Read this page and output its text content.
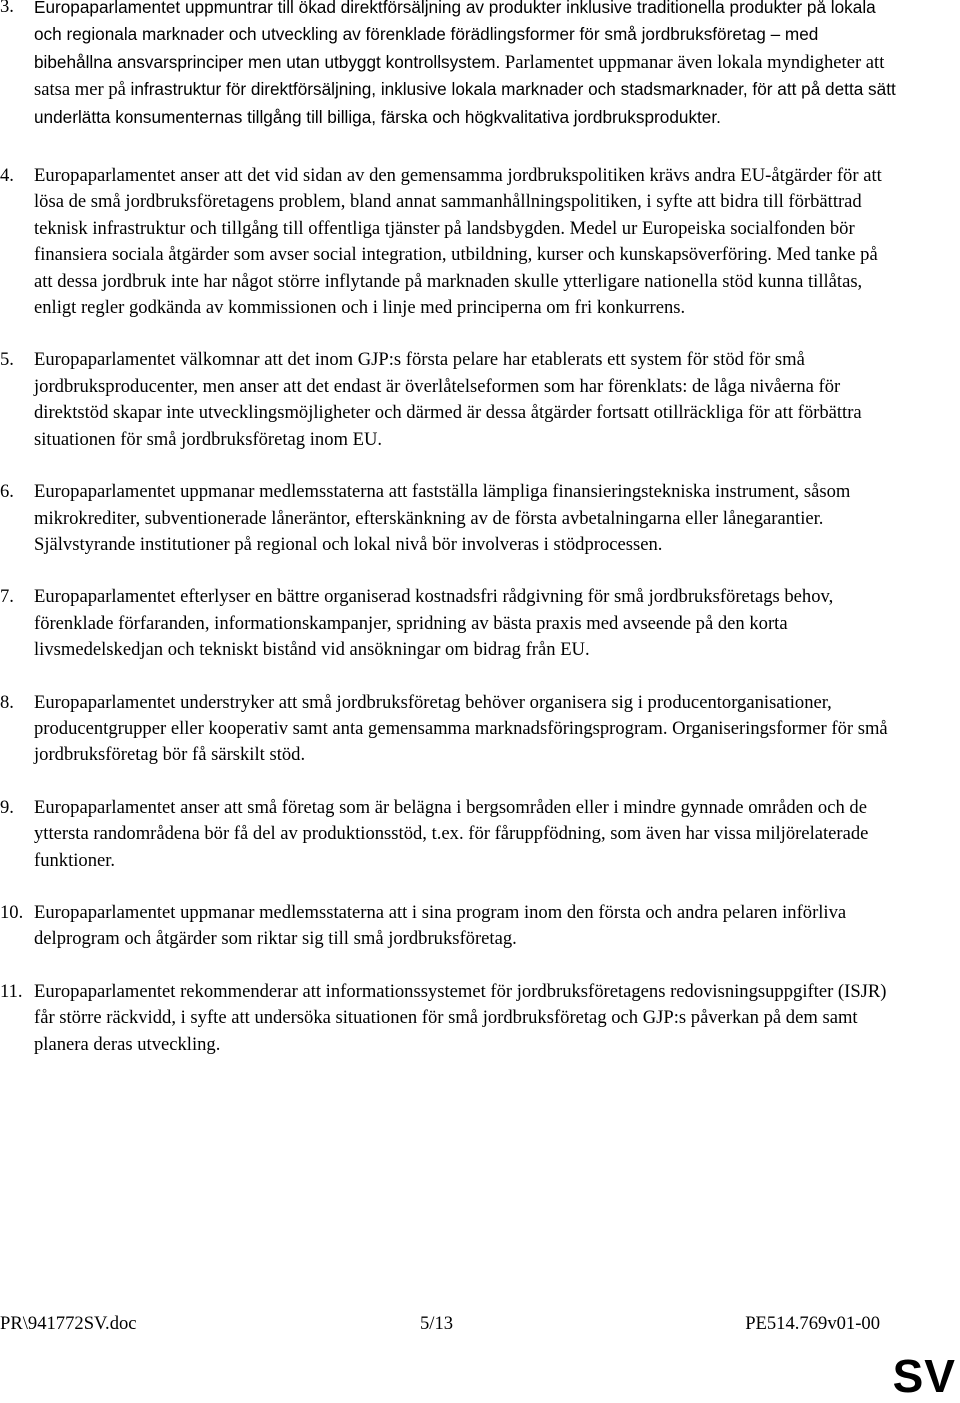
3. Europaparlamentet uppmuntrar till ökad direktförsäljning av produkter inklusive traditionella produkter på lokala och regionala marknader och utveckling av förenklade förädlingsformer för små jordbruksföretag – med bibehållna ansvarsprinciper men utan utbyggt kontrollsystem. Parlamentet uppmanar även lokala myndigheter att satsa mer på infrastruktur för direktförsäljning, inklusive lokala marknader och stadsmarknader, för att på detta sätt underlätta konsumenternas tillgång till billiga, färska och högkvalitativa jordbruksprodukter.
4. Europaparlamentet anser att det vid sidan av den gemensamma jordbrukspolitiken krävs andra EU-åtgärder för att lösa de små jordbruksföretagens problem, bland annat sammanhållningspolitiken, i syfte att bidra till förbättrad teknisk infrastruktur och tillgång till offentliga tjänster på landsbygden. Medel ur Europeiska socialfonden bör finansiera sociala åtgärder som avser social integration, utbildning, kurser och kunskapsöverföring. Med tanke på att dessa jordbruk inte har något större inflytande på marknaden skulle ytterligare nationella stöd kunna tillåtas, enligt regler godkända av kommissionen och i linje med principerna om fri konkurrens.
5. Europaparlamentet välkomnar att det inom GJP:s första pelare har etablerats ett system för stöd för små jordbruksproducenter, men anser att det endast är överlåtelseformen som har förenklats: de låga nivåerna för direktstöd skapar inte utvecklingsmöjligheter och därmed är dessa åtgärder fortsatt otillräckliga för att förbättra situationen för små jordbruksföretag inom EU.
6. Europaparlamentet uppmanar medlemsstaterna att fastställa lämpliga finansieringstekniska instrument, såsom mikrokrediter, subventionerade låneräntor, efterskänkning av de första avbetalningarna eller lånegarantier. Självstyrande institutioner på regional och lokal nivå bör involveras i stödprocessen.
7. Europaparlamentet efterlyser en bättre organiserad kostnadsfri rådgivning för små jordbruksföretags behov, förenklade förfaranden, informationskampanjer, spridning av bästa praxis med avseende på den korta livsmedelskedjan och tekniskt bistånd vid ansökningar om bidrag från EU.
8. Europaparlamentet understryker att små jordbruksföretag behöver organisera sig i producentorganisationer, producentgrupper eller kooperativ samt anta gemensamma marknadsföringsprogram. Organiseringsformer för små jordbruksföretag bör få särskilt stöd.
9. Europaparlamentet anser att små företag som är belägna i bergsområden eller i mindre gynnade områden och de yttersta randområdena bör få del av produktionsstöd, t.ex. för fåruppfödning, som även har vissa miljörelaterade funktioner.
10. Europaparlamentet uppmanar medlemsstaterna att i sina program inom den första och andra pelaren införliva delprogram och åtgärder som riktar sig till små jordbruksföretag.
11. Europaparlamentet rekommenderar att informationssystemet för jordbruksföretagens redovisningsuppgifter (ISJR) får större räckvidd, i syfte att undersöka situationen för små jordbruksföretag och GJP:s påverkan på dem samt planera deras utveckling.
PR\941772SV.doc	5/13	PE514.769v01-00
SV
